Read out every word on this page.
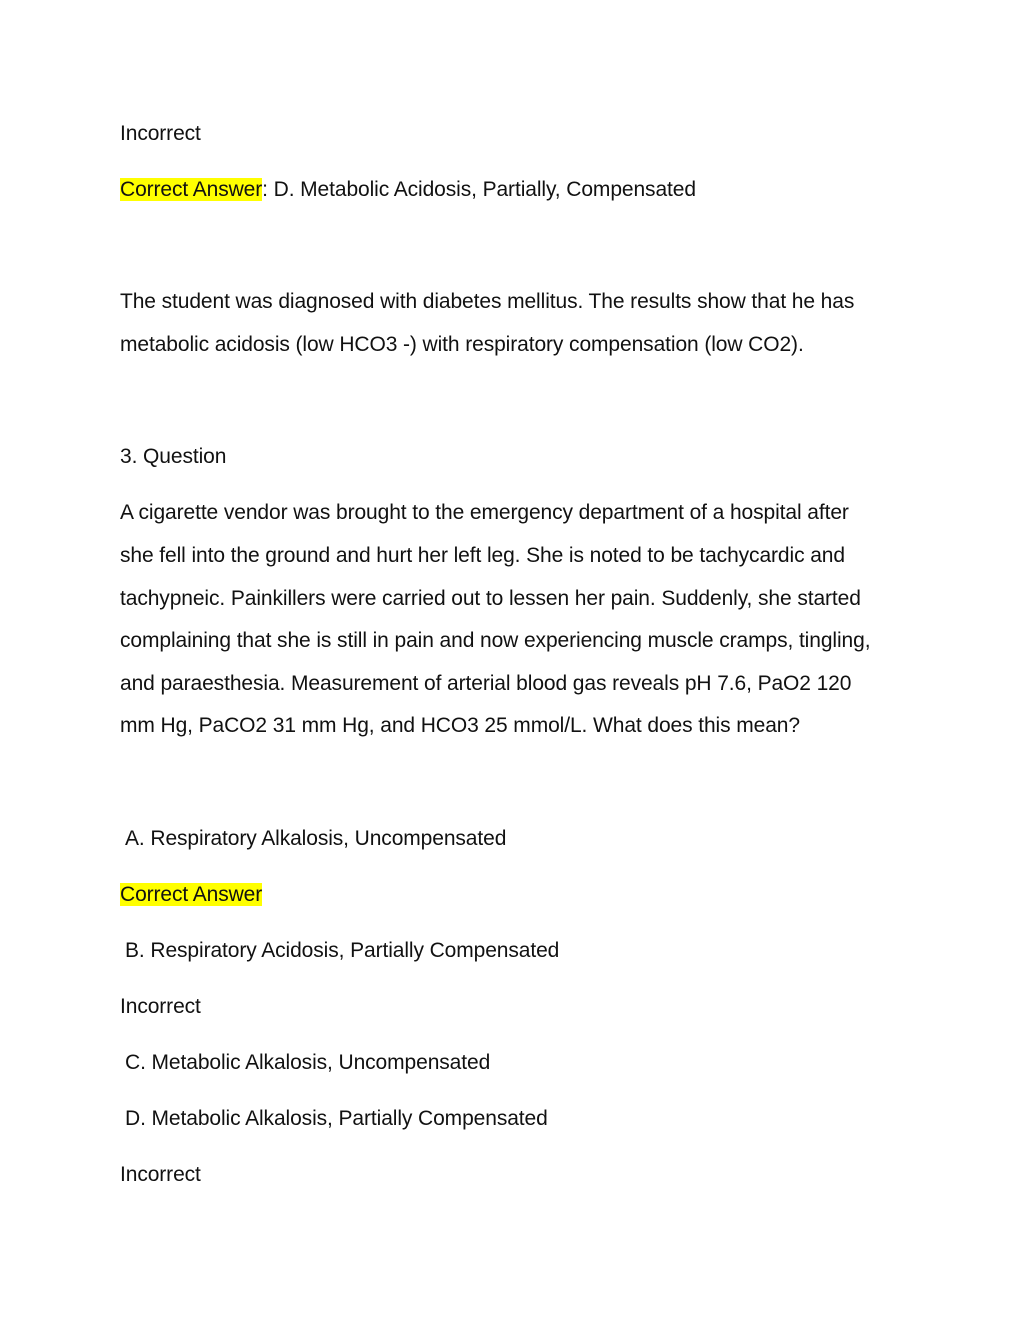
Incorrect
Correct Answer: D. Metabolic Acidosis, Partially, Compensated
The student was diagnosed with diabetes mellitus. The results show that he has
metabolic acidosis (low HCO3 -) with respiratory compensation (low CO2).
3. Question
A cigarette vendor was brought to the emergency department of a hospital after
she fell into the ground and hurt her left leg. She is noted to be tachycardic and
tachypneic. Painkillers were carried out to lessen her pain. Suddenly, she started
complaining that she is still in pain and now experiencing muscle cramps, tingling,
and paraesthesia. Measurement of arterial blood gas reveals pH 7.6, PaO2 120
mm Hg, PaCO2 31 mm Hg, and HCO3 25 mmol/L. What does this mean?
A. Respiratory Alkalosis, Uncompensated
Correct Answer
B. Respiratory Acidosis, Partially Compensated
Incorrect
C. Metabolic Alkalosis, Uncompensated
D. Metabolic Alkalosis, Partially Compensated
Incorrect
